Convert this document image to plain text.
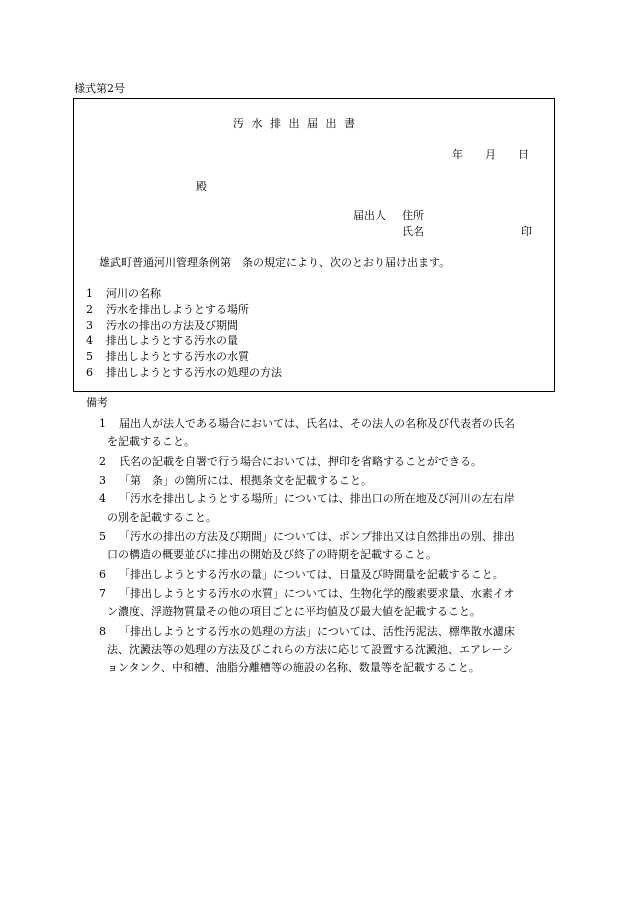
様式第2号
汚 水 排 出 届 出 書
年　　月　　日
殿
届出人 住所
氏名	印
雄武町普通河川管理条例第　条の規定により、次のとおり届け出ます。
1 河川の名称
2 汚水を排出しようとする場所
3 汚水の排出の方法及び期間
4 排出しようとする汚水の量
5 排出しようとする汚水の水質
6 排出しようとする汚水の処理の方法
備考
1 届出人が法人である場合においては、氏名は、その法人の名称及び代表者の氏名
を記載すること。
2 氏名の記載を自署で行う場合においては、押印を省略することができる。
3 「第　条」の箇所には、根拠条文を記載すること。
4 「汚水を排出しようとする場所」については、排出口の所在地及び河川の左右岸
の別を記載すること。
5 「汚水の排出の方法及び期間」については、ポンプ排出又は自然排出の別、排出
口の構造の概要並びに排出の開始及び終了の時期を記載すること。
6 「排出しようとする汚水の量」については、日量及び時間量を記載すること。
7 「排出しようとする汚水の水質」については、生物化学的酸素要求量、水素イオ
ン濃度、浮遊物質量その他の項目ごとに平均値及び最大値を記載すること。
8 「排出しようとする汚水の処理の方法」については、活性汚泥法、標準散水濾床
法、沈澱法等の処理の方法及びこれらの方法に応じて設置する沈澱池、エアレーシ
ョンタンク、中和槽、油脂分離槽等の施設の名称、数量等を記載すること。
